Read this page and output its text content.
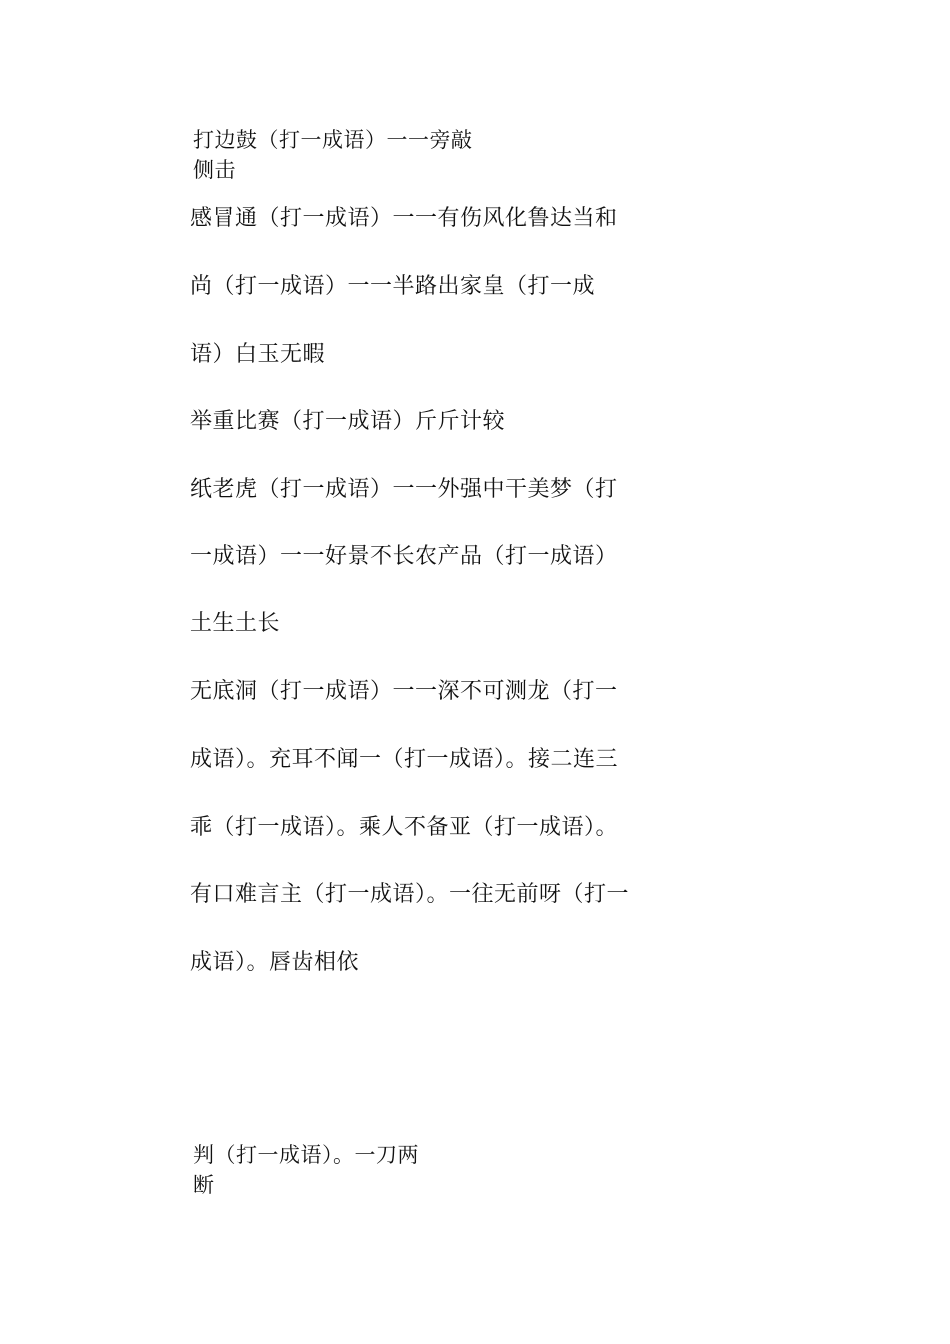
打边鼓（打一成语）一一旁敲
侧击
感冒通（打一成语）一一有伤风化鲁达当和
尚（打一成语）一一半路出家皇（打一成
语）白玉无暇
举重比赛（打一成语）斤斤计较
纸老虎（打一成语）一一外强中干美梦（打
一成语）一一好景不长农产品（打一成语）
土生土长
无底洞（打一成语）一一深不可测龙（打一
成语）。充耳不闻一（打一成语）。接二连三
乖（打一成语）。乘人不备亚（打一成语）。
有口难言主（打一成语）。一往无前呀（打一
成语）。唇齿相依
判（打一成语）。一刀两
断
